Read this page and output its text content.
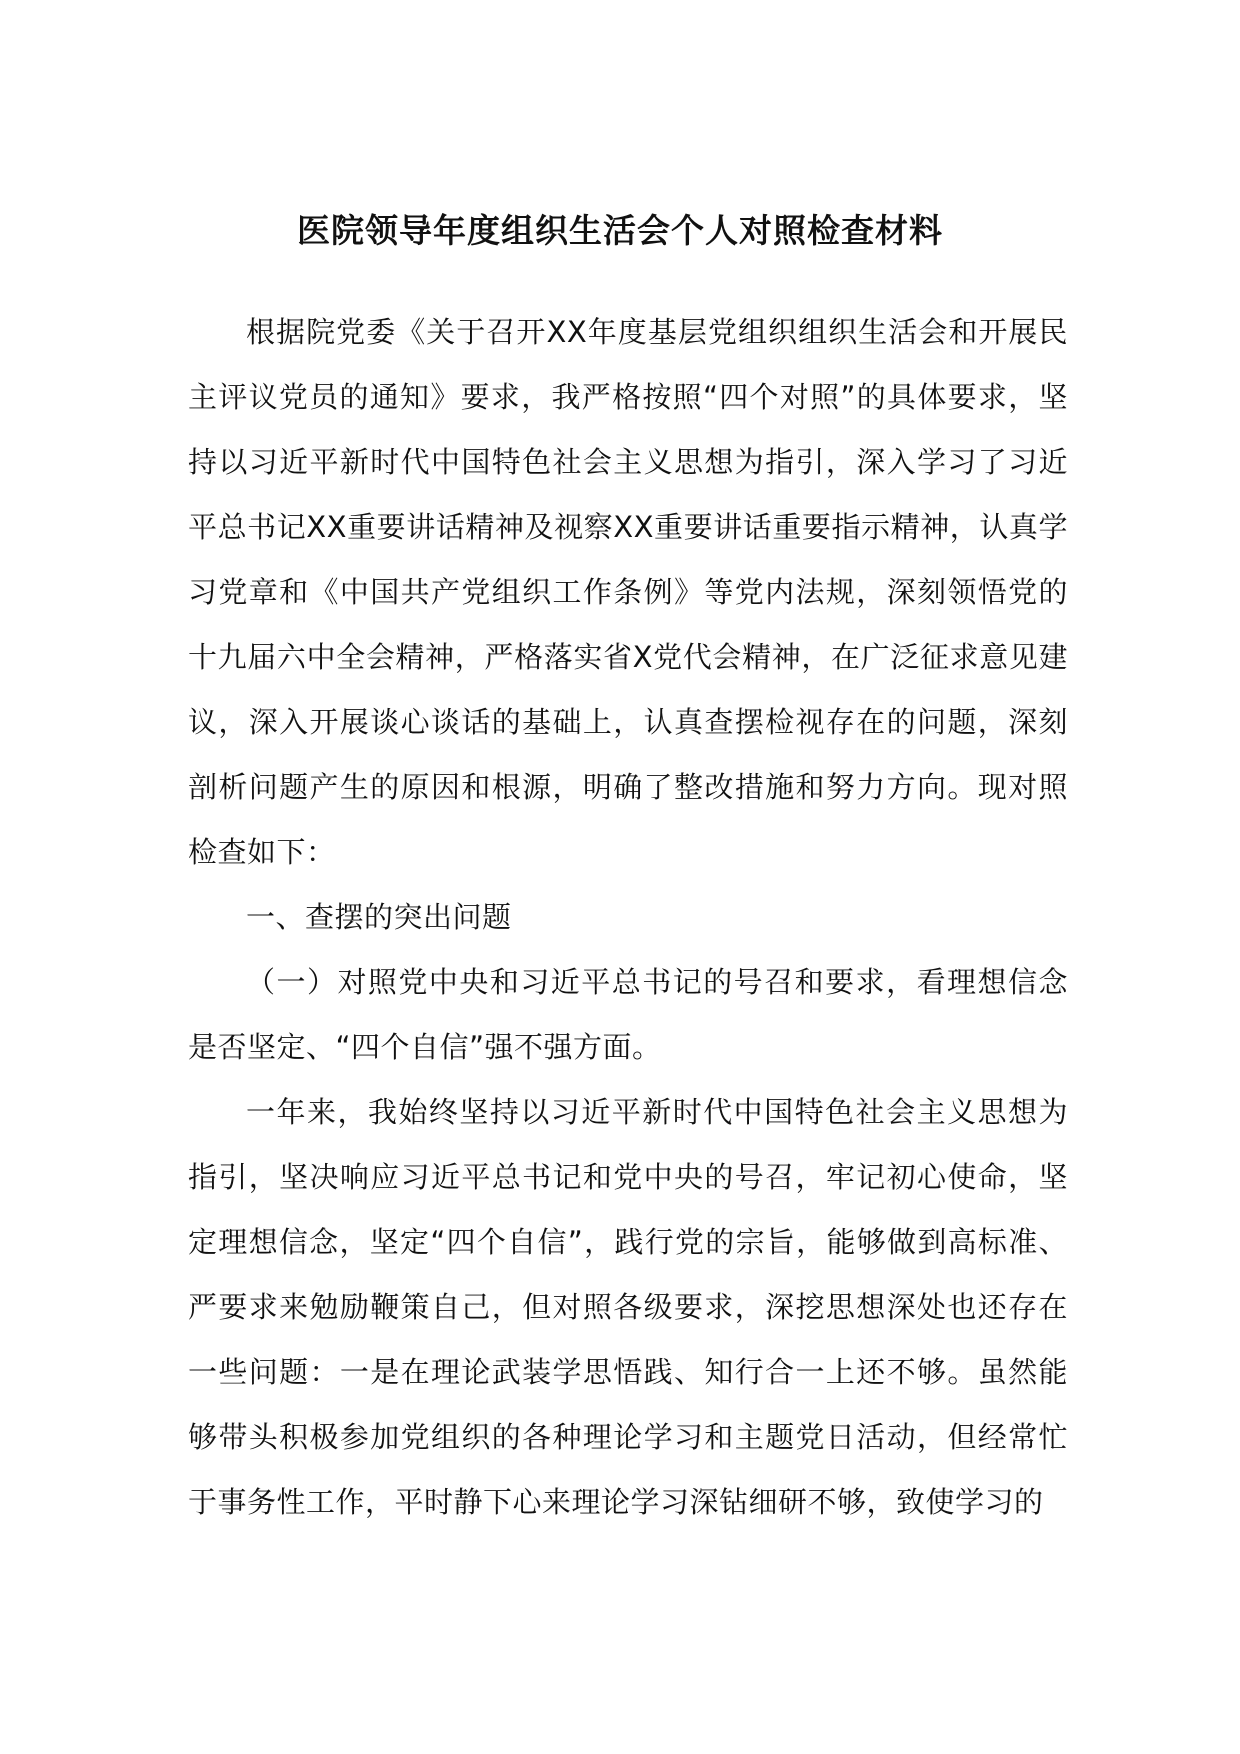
医院领导年度组织生活会个人对照检查材料

根据院党委《关于召开XX年度基层党组织组织生活会和开展民主评议党员的通知》要求，我严格按照“四个对照”的具体要求，坚持以习近平新时代中国特色社会主义思想为指引，深入学习了习近平总书记XX重要讲话精神及视察XX重要讲话重要指示精神，认真学习党章和《中国共产党组织工作条例》等党内法规，深刻领悟党的十九届六中全会精神，严格落实省X党代会精神，在广泛征求意见建议，深入开展谈心谈话的基础上，认真查摆检视存在的问题，深刻剖析问题产生的原因和根源，明确了整改措施和努力方向。现对照检查如下：

一、查摆的突出问题

（一）对照党中央和习近平总书记的号召和要求，看理想信念是否坚定、“四个自信”强不强方面。

一年来，我始终坚持以习近平新时代中国特色社会主义思想为指引，坚决响应习近平总书记和党中央的号召，牢记初心使命，坚定理想信念，坚定“四个自信”，践行党的宗旨，能够做到高标准、严要求来勉励鞭策自己，但对照各级要求，深挖思想深处也还存在一些问题：一是在理论武装学思悟践、知行合一上还不够。虽然能够带头积极参加党组织的各种理论学习和主题党日活动，但经常忙于事务性工作，平时静下心来理论学习深钻细研不够，致使学习的
